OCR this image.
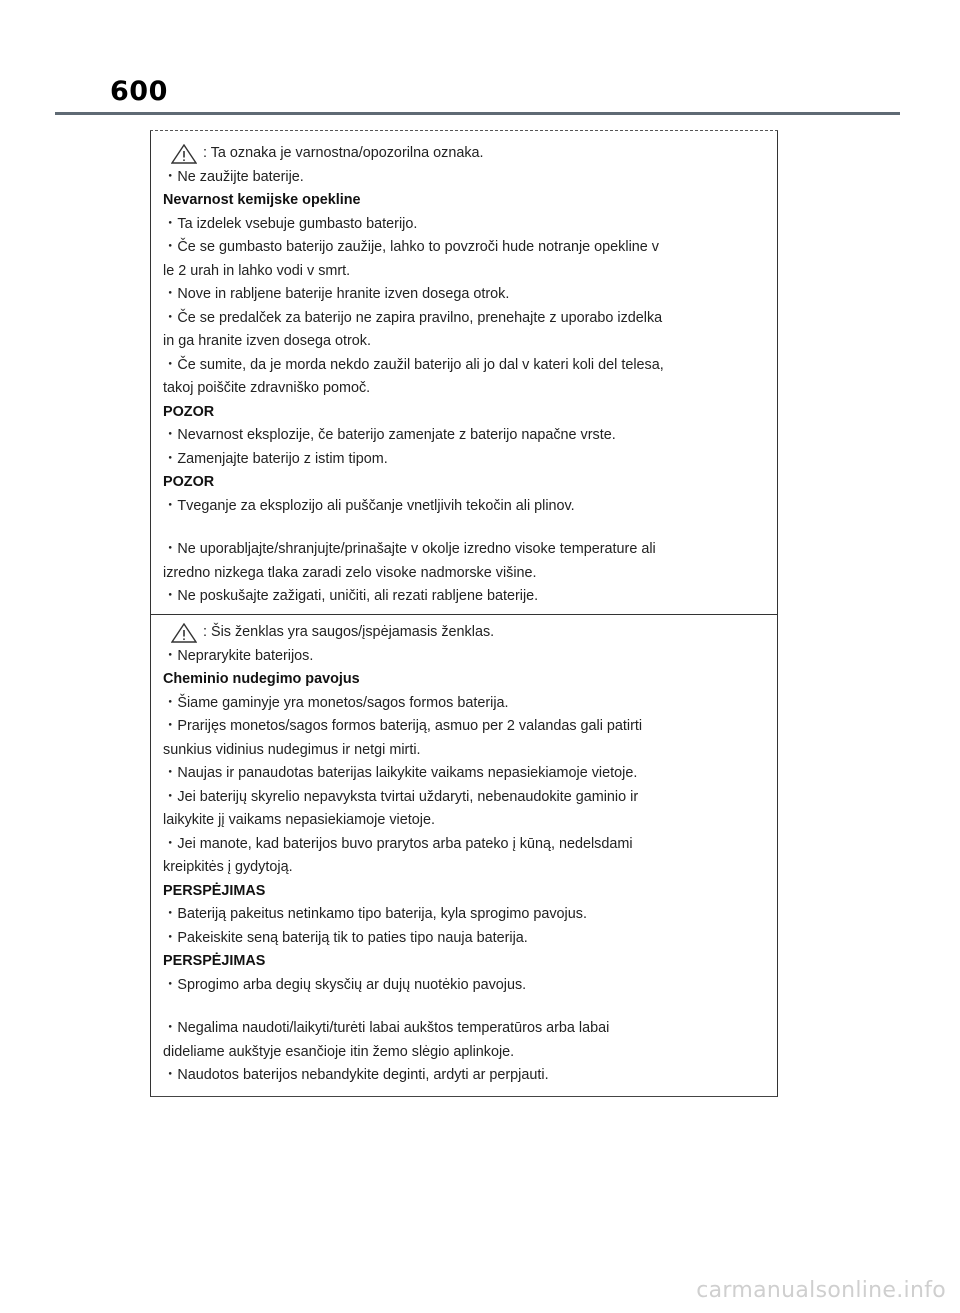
600
: Ta oznaka je varnostna/opozorilna oznaka.
・Ne zaužijte baterije.
Nevarnost kemijske opekline
・Ta izdelek vsebuje gumbasto baterijo.
・Če se gumbasto baterijo zaužije, lahko to povzroči hude notranje opekline v
le 2 urah in lahko vodi v smrt.
・Nove in rabljene baterije hranite izven dosega otrok.
・Če se predalček za baterijo ne zapira pravilno, prenehajte z uporabo izdelka
in ga hranite izven dosega otrok.
・Če sumite, da je morda nekdo zaužil baterijo ali jo dal v kateri koli del telesa,
takoj poiščite zdravniško pomoč.
POZOR
・Nevarnost eksplozije, če baterijo zamenjate z baterijo napačne vrste.
・Zamenjajte baterijo z istim tipom.
POZOR
・Tveganje za eksplozijo ali puščanje vnetljivih tekočin ali plinov.
・Ne uporabljajte/shranjujte/prinašajte v okolje izredno visoke temperature ali
izredno nizkega tlaka zaradi zelo visoke nadmorske višine.
・Ne poskušajte zažigati, uničiti, ali rezati rabljene baterije.
: Šis ženklas yra saugos/įspėjamasis ženklas.
・Neprarykite baterijos.
Cheminio nudegimo pavojus
・Šiame gaminyje yra monetos/sagos formos baterija.
・Prarijęs monetos/sagos formos bateriją, asmuo per 2 valandas gali patirti
sunkius vidinius nudegimus ir netgi mirti.
・Naujas ir panaudotas baterijas laikykite vaikams nepasiekiamoje vietoje.
・Jei baterijų skyrelio nepavyksta tvirtai uždaryti, nebenaudokite gaminio ir
laikykite jį vaikams nepasiekiamoje vietoje.
・Jei manote, kad baterijos buvo prarytos arba pateko į kūną, nedelsdami
kreipkitės į gydytoją.
PERSPĖJIMAS
・Bateriją pakeitus netinkamo tipo baterija, kyla sprogimo pavojus.
・Pakeiskite seną bateriją tik to paties tipo nauja baterija.
PERSPĖJIMAS
・Sprogimo arba degių skysčių ar dujų nuotėkio pavojus.
・Negalima naudoti/laikyti/turėti labai aukštos temperatūros arba labai
dideliame aukštyje esančioje itin žemo slėgio aplinkoje.
・Naudotos baterijos nebandykite deginti, ardyti ar perpjauti.
carmanualsonline.info
